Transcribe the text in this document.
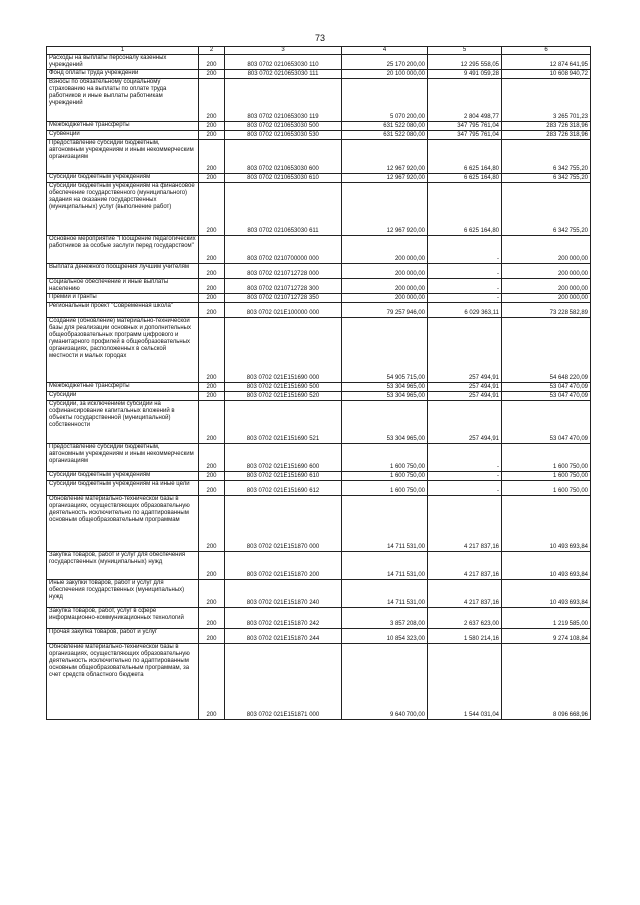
73
1	2	3	4	5	6
Расходы на выплаты персоналу казенных учреждений	200	803 0702 0210653030 110	25 170 200,00	12 295 558,05	12 874 641,95
Фонд оплаты труда учреждений	200	803 0702 0210653030 111	20 100 000,00	9 491 059,28	10 608 940,72
Взносы по обязательному социальному страхованию на выплаты по оплате труда работников и иные выплаты работникам учреждений	200	803 0702 0210653030 119	5 070 200,00	2 804 498,77	3 265 701,23
Межбюджетные трансферты	200	803 0702 0210653030 500	631 522 080,00	347 795 761,04	283 726 318,96
Субвенции	200	803 0702 0210653030 530	631 522 080,00	347 795 761,04	283 726 318,96
Предоставление субсидий бюджетным, автономным учреждениям и иным некоммерческим организациям	200	803 0702 0210653030 600	12 967 920,00	6 625 164,80	6 342 755,20
Субсидии бюджетным учреждениям	200	803 0702 0210653030 610	12 967 920,00	6 625 164,80	6 342 755,20
Субсидии бюджетным учреждениям на финансовое обеспечение государственного (муниципального) задания на оказание государственных (муниципальных) услуг (выполнение работ)	200	803 0702 0210653030 611	12 967 920,00	6 625 164,80	6 342 755,20
Основное мероприятие "Поощрение педагогических работников за особые заслуги перед государством"	200	803 0702 0210700000 000	200 000,00	-	200 000,00
Выплата денежного поощрения лучшим учителям	200	803 0702 0210712728 000	200 000,00	-	200 000,00
Социальное обеспечение и иные выплаты населению	200	803 0702 0210712728 300	200 000,00	-	200 000,00
Премии и гранты	200	803 0702 0210712728 350	200 000,00	-	200 000,00
Региональный проект "Современная школа"	200	803 0702 021E100000 000	79 257 946,00	6 029 363,11	73 228 582,89
Создание (обновление) материально-технической базы для реализации основных и дополнительных общеобразовательных программ цифрового и гуманитарного профилей в общеобразовательных организациях, расположенных в сельской местности и малых городах	200	803 0702 021E151690 000	54 905 715,00	257 494,91	54 648 220,09
Межбюджетные трансферты	200	803 0702 021E151690 500	53 304 965,00	257 494,91	53 047 470,09
Субсидии	200	803 0702 021E151690 520	53 304 965,00	257 494,91	53 047 470,09
Субсидии, за исключением субсидий на софинансирование капитальных вложений в объекты государственной (муниципальной) собственности	200	803 0702 021E151690 521	53 304 965,00	257 494,91	53 047 470,09
Предоставление субсидий бюджетным, автономным учреждениям и иным некоммерческим организациям	200	803 0702 021E151690 600	1 600 750,00	-	1 600 750,00
Субсидии бюджетным учреждениям	200	803 0702 021E151690 610	1 600 750,00	-	1 600 750,00
Субсидии бюджетным учреждениям на иные цели	200	803 0702 021E151690 612	1 600 750,00	-	1 600 750,00
Обновление материально-технической базы в организациях, осуществляющих образовательную деятельность исключительно по адаптированным основным общеобразовательным программам	200	803 0702 021E151870 000	14 711 531,00	4 217 837,16	10 493 693,84
Закупка товаров, работ и услуг для обеспечения государственных (муниципальных) нужд	200	803 0702 021E151870 200	14 711 531,00	4 217 837,16	10 493 693,84
Иные закупки товаров, работ и услуг для обеспечения государственных (муниципальных) нужд	200	803 0702 021E151870 240	14 711 531,00	4 217 837,16	10 493 693,84
Закупка товаров, работ, услуг в сфере информационно-коммуникационных технологий	200	803 0702 021E151870 242	3 857 208,00	2 637 623,00	1 219 585,00
Прочая закупка товаров, работ и услуг	200	803 0702 021E151870 244	10 854 323,00	1 580 214,16	9 274 108,84
Обновление материально-технической базы в организациях, осуществляющих образовательную деятельность исключительно по адаптированным основным общеобразовательным программам, за счет средств областного бюджета	200	803 0702 021E151871 000	9 640 700,00	1 544 031,04	8 096 668,96
